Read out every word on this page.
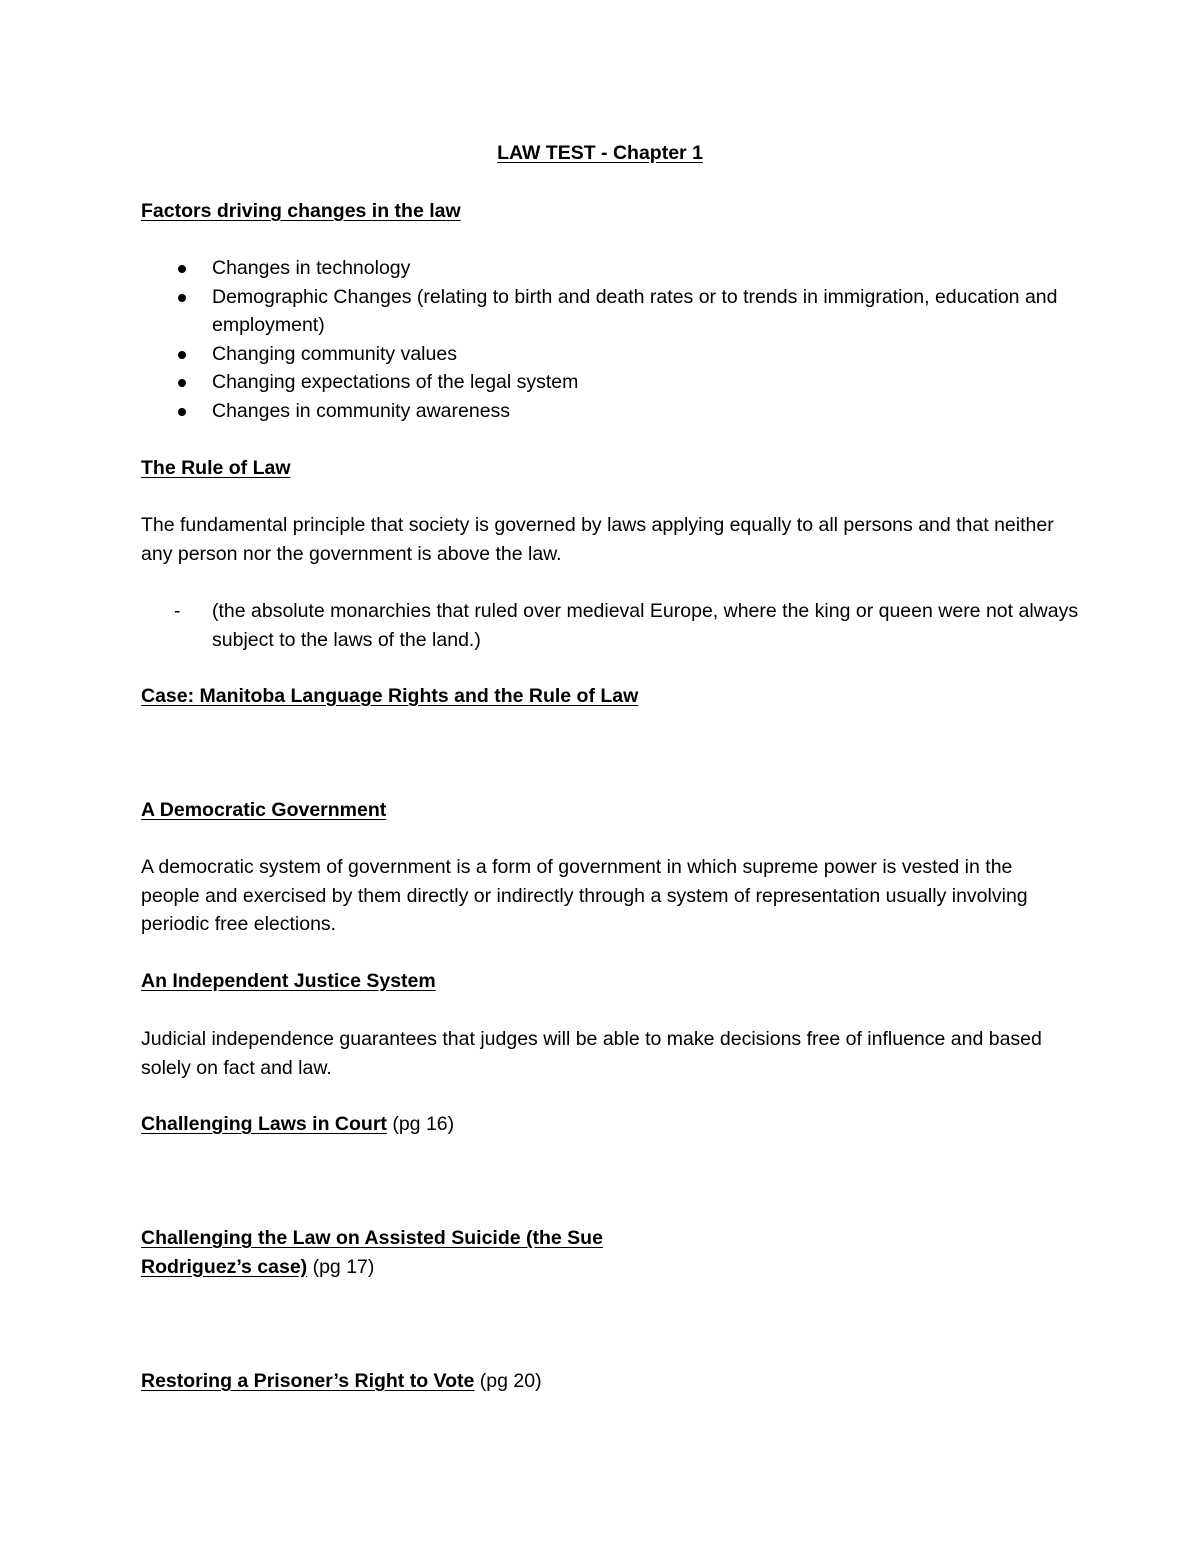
LAW TEST - Chapter 1

Factors driving changes in the law

Changes in technology
Demographic Changes (relating to birth and death rates or to trends in immigration, education and employment)
Changing community values
Changing expectations of the legal system
Changes in community awareness

The Rule of Law

The fundamental principle that society is governed by laws applying equally to all persons and that neither any person nor the government is above the law.

- (the absolute monarchies that ruled over medieval Europe, where the king or queen were not always subject to the laws of the land.)

Case: Manitoba Language Rights and the Rule of Law

A Democratic Government

A democratic system of government is a form of government in which supreme power is vested in the people and exercised by them directly or indirectly through a system of representation usually involving periodic free elections.

An Independent Justice System

Judicial independence guarantees that judges will be able to make decisions free of influence and based solely on fact and law.

Challenging Laws in Court (pg 16)

Challenging the Law on Assisted Suicide (the Sue Rodriguez’s case) (pg 17)

Restoring a Prisoner’s Right to Vote (pg 20)
